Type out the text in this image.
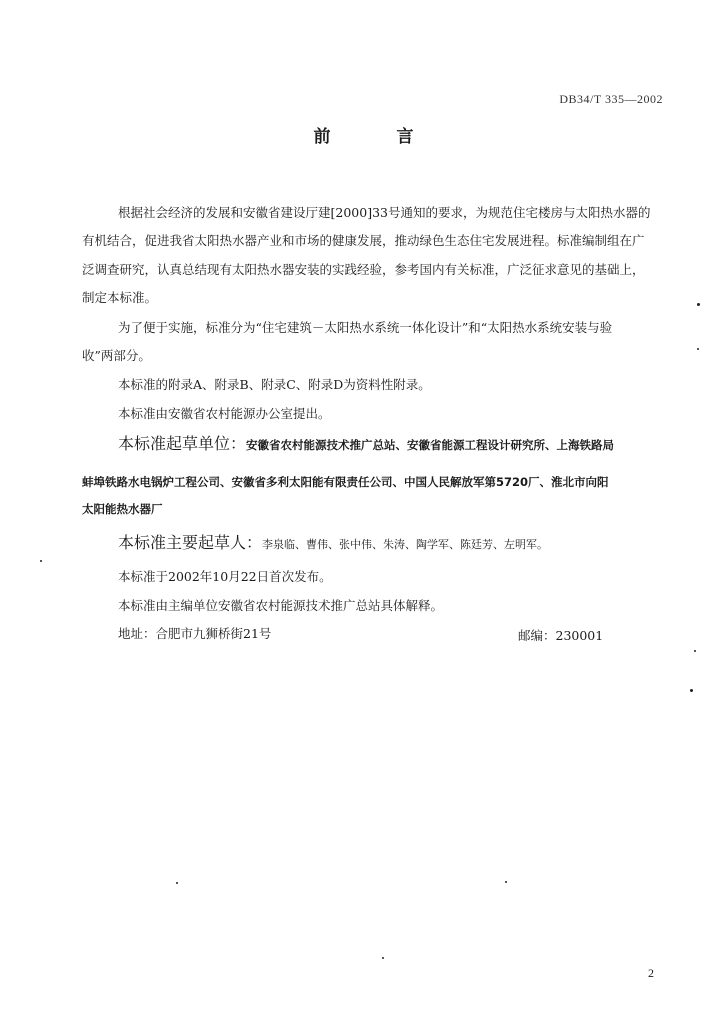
DB34/T 335—2002
前 言
根据社会经济的发展和安徽省建设厅建[2000]33号通知的要求，为规范住宅楼房与太阳热水器的
有机结合，促进我省太阳热水器产业和市场的健康发展，推动绿色生态住宅发展进程。标准编制组在广
泛调查研究，认真总结现有太阳热水器安装的实践经验，参考国内有关标准，广泛征求意见的基础上，
制定本标准。
为了便于实施，标准分为“住宅建筑－太阳热水系统一体化设计”和“太阳热水系统安装与验
收”两部分。
本标准的附录A、附录B、附录C、附录D为资料性附录。
本标准由安徽省农村能源办公室提出。
本标准起草单位：安徽省农村能源技术推广总站、安徽省能源工程设计研究所、上海铁路局
蚌埠铁路水电锅炉工程公司、安徽省多利太阳能有限责任公司、中国人民解放军第5720厂、淮北市向阳
太阳能热水器厂
本标准主要起草人：李泉临、曹伟、张中伟、朱涛、陶学军、陈廷芳、左明军。
本标准于2002年10月22日首次发布。
本标准由主编单位安徽省农村能源技术推广总站具体解释。
地址：合肥市九狮桥街21号	邮编：230001
2
